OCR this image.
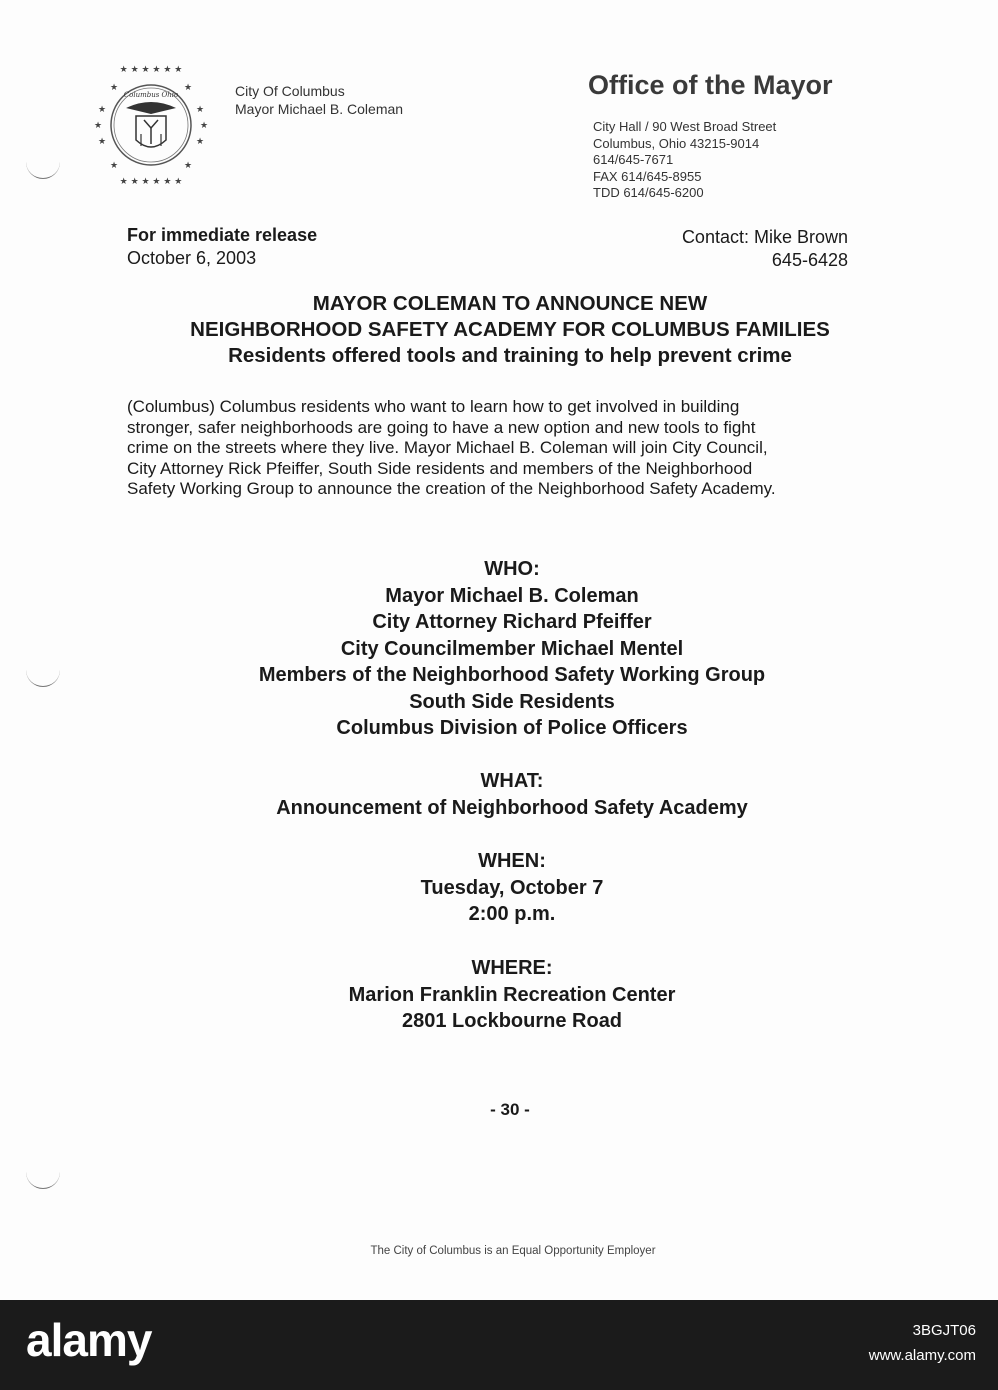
★ ★ ★ ★ ★ ★
★ ★ ★ ★ ★ ★
★
★
★
★
★
★
★	★
★	★
Columbus Ohio	City Of Columbus
Mayor Michael B. Coleman
Office of the Mayor
City Hall / 90 West Broad Street
Columbus, Ohio 43215-9014
614/645-7671
FAX 614/645-8955
TDD 614/645-6200
For immediate release
October 6, 2003
Contact: Mike Brown
645-6428
MAYOR COLEMAN TO ANNOUNCE NEW
NEIGHBORHOOD SAFETY ACADEMY FOR COLUMBUS FAMILIES
Residents offered tools and training to help prevent crime
(Columbus) Columbus residents who want to learn how to get involved in building
stronger, safer neighborhoods are going to have a new option and new tools to fight
crime on the streets where they live. Mayor Michael B. Coleman will join City Council,
City Attorney Rick Pfeiffer, South Side residents and members of the Neighborhood
Safety Working Group to announce the creation of the Neighborhood Safety Academy.
WHO:
Mayor Michael B. Coleman
City Attorney Richard Pfeiffer
City Councilmember Michael Mentel
Members of the Neighborhood Safety Working Group
South Side Residents
Columbus Division of Police Officers
WHAT:
Announcement of Neighborhood Safety Academy
WHEN:
Tuesday, October 7
2:00 p.m.
WHERE:
Marion Franklin Recreation Center
2801 Lockbourne Road
- 30 -
The City of Columbus is an Equal Opportunity Employer
alamy	3BGJT06
www.alamy.com
